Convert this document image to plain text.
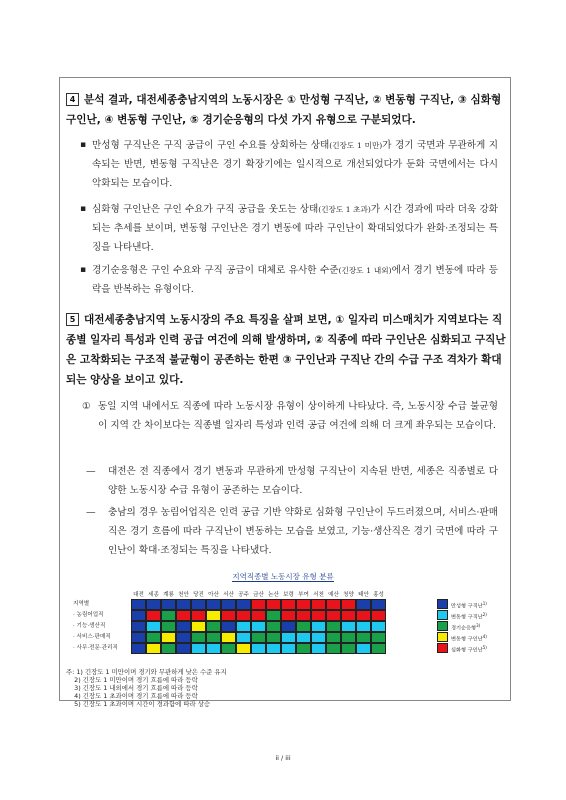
4 분석 결과, 대전세종충남지역의 노동시장은 ① 만성형 구직난, ② 변동형 구직난, ③ 심화형 구인난, ④ 변동형 구인난, ⑤ 경기순응형의 다섯 가지 유형으로 구분되었다.
▪ 만성형 구직난은 구직 공급이 구인 수요를 상회하는 상태(긴장도 1 미만)가 경기 국면과 무관하게 지속되는 반면, 변동형 구직난은 경기 확장기에는 일시적으로 개선되었다가 둔화 국면에서는 다시 악화되는 모습이다.
▪ 심화형 구인난은 구인 수요가 구직 공급을 웃도는 상태(긴장도 1 초과)가 시간 경과에 따라 더욱 강화되는 추세를 보이며, 변동형 구인난은 경기 변동에 따라 구인난이 확대되었다가 완화·조정되는 특징을 나타낸다.
▪ 경기순응형은 구인 수요와 구직 공급이 대체로 유사한 수준(긴장도 1 내외)에서 경기 변동에 따라 등락을 반복하는 유형이다.
5 대전세종충남지역 노동시장의 주요 특징을 살펴 보면, ① 일자리 미스매치가 지역보다는 직종별 일자리 특성과 인력 공급 여건에 의해 발생하며, ② 직종에 따라 구인난은 심화되고 구직난은 고착화되는 구조적 불균형이 공존하는 한편 ③ 구인난과 구직난 간의 수급 구조 격차가 확대되는 양상을 보이고 있다.
① 동일 지역 내에서도 직종에 따라 노동시장 유형이 상이하게 나타났다. 즉, 노동시장 수급 불균형이 지역 간 차이보다는 직종별 일자리 특성과 인력 공급 여건에 의해 더 크게 좌우되는 모습이다.
— 대전은 전 직종에서 경기 변동과 무관하게 만성형 구직난이 지속된 반면, 세종은 직종별로 다양한 노동시장 수급 유형이 공존하는 모습이다.
— 충남의 경우 농림어업직은 인력 공급 기반 약화로 심화형 구인난이 두드러졌으며, 서비스·판매직은 경기 흐름에 따라 구직난이 변동하는 모습을 보였고, 기능·생산직은 경기 국면에 따라 구인난이 확대·조정되는 특징을 나타냈다.
지역직종별 노동시장 유형 분류
대전 세종 계룡 천안 당진 아산 서산 공주 금산 논산 보령 부여 서천 예산 청양 태안 홍성
지역별
· 농림어업직
· 기능·생산직
· 서비스·판매직
· 사무·전문·관리직
만성형 구직난$^{1)}$
변동형 구직난$^{2)}$
경기순응형$^{3)}$
변동형 구인난$^{4)}$
심화형 구인난$^{5)}$
주: 1) 긴장도 1 미만이며 경기와 무관하게 낮은 수준 유지
2) 긴장도 1 미만이며 경기 흐름에 따라 등락
3) 긴장도 1 내외에서 경기 흐름에 따라 등락
4) 긴장도 1 초과이며 경기 흐름에 따라 등락
5) 긴장도 1 초과이며 시간이 경과함에 따라 상승
ii / iii
